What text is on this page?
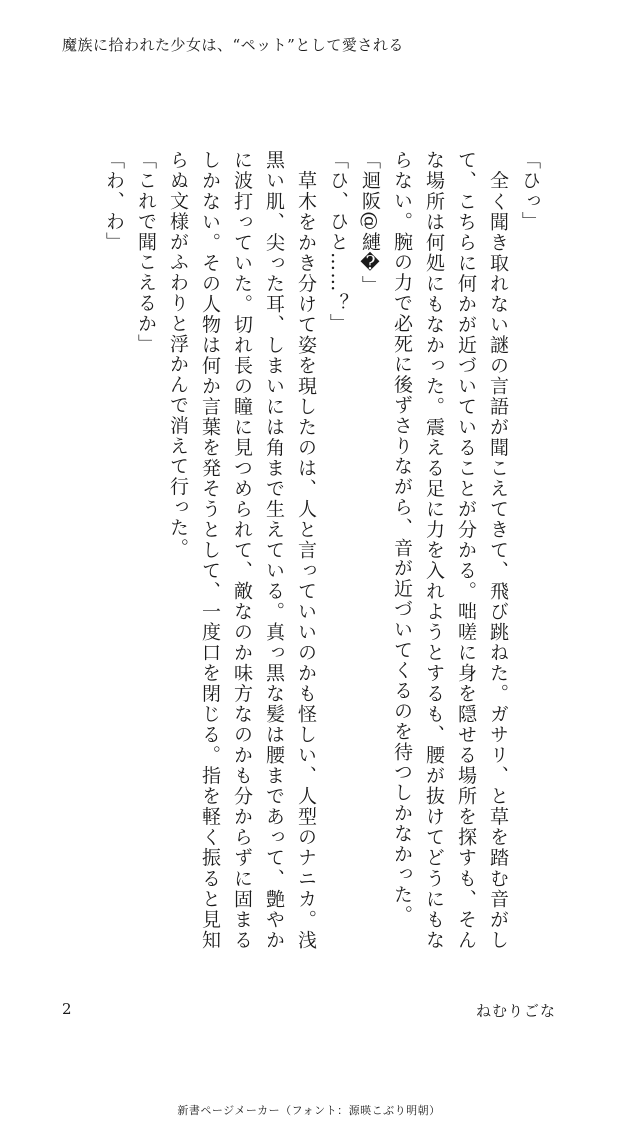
魔族に拾われた少女は、“ペット”として愛される

「ひっ」

　全く聞き取れない謎の言語が聞こえてきて、飛び跳ねた。ガサリ、と草を踏む音がして、こちらに何かが近づいていることが分かる。咄嗟に身を隠せる場所を探すも、そんな場所は何処にもなかった。震える足に力を入れようとするも、腰が抜けてどうにもならない。腕の力で必死に後ずさりながら、音が近づいてくるのを待つしかなかった。

「迴阪@縺�」

「ひ、ひと……？」

　草木をかき分けて姿を現したのは、人と言っていいのかも怪しい、人型のナニカ。浅黒い肌、尖った耳、しまいには角まで生えている。真っ黒な髪は腰まであって、艶やかに波打っていた。切れ長の瞳に見つめられて、敵なのか味方なのかも分からずに固まるしかない。その人物は何か言葉を発そうとして、一度口を閉じる。指を軽く振ると見知らぬ文様がふわりと浮かんで消えて行った。

「これで聞こえるか」

「わ、わ」

2	ねむりごな
新書ページメーカー（フォント：源暎こぶり明朝）
